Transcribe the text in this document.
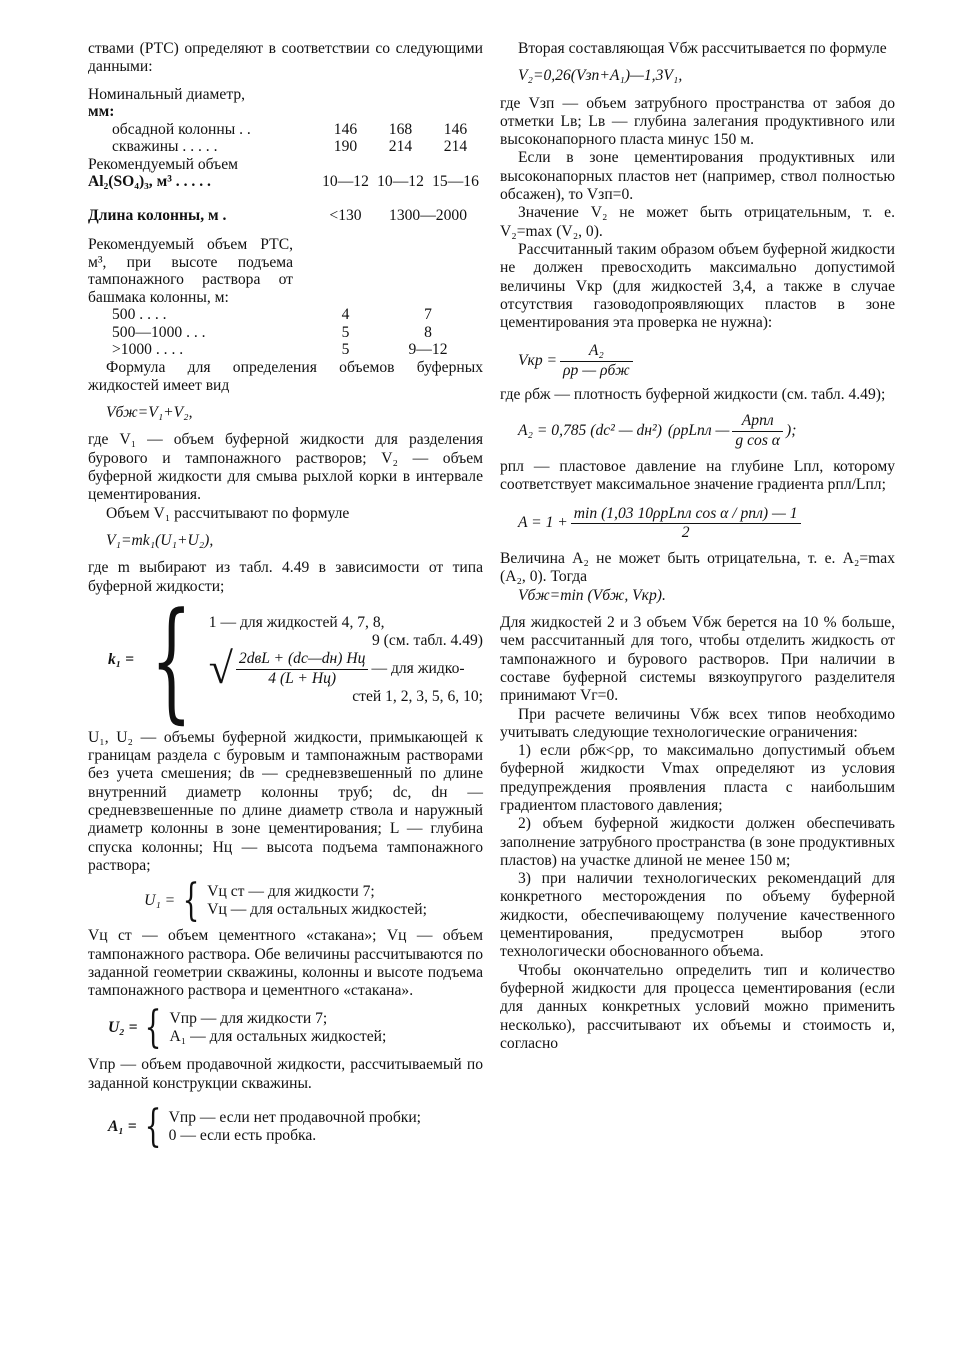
ствами (РТС) определяют в соответствии со следующими данными:

Номинальный диаметр,			
мм:			
обсадной колонны . .	146	168	146
скважины . . . . .	190	214	214
Рекомендуемый объем			
Al₂(SO₄)₃, м³ . . . . .	10—12	10—12	15—16
Длина колонны, м .	<130	1300—2000	
Рекомендуемый объем РТС, м³, при высоте подъема тампонажного раствора от башмака колонны, м:			
500 . . . .	4	7	
500—1000 . . .	5	8	
>1000 . . . .	5	9—12	

Формула для определения объемов буферных жидкостей имеет вид

Vбж=V₁+V₂,

где V₁ — объем буферной жидкости для разделения бурового и тампонажного растворов; V₂ — объем буферной жидкости для смыва рыхлой корки в интервале цементирования.

Объем V₁ рассчитывают по формуле

V₁=mk₁(U₁+U₂),

где m выбирают из табл. 4.49 в зависимости от типа буферной жидкости;

k₁ = { 1 — для жидкостей 4, 7, 8,
9 (см. табл. 4.49)
√ $\frac{\text{2dвL + (dс—dн) Hц}}{4 (L + Hц)}$ — для жидко-
стей 1, 2, 3, 5, 6, 10;

U₁, U₂ — объемы буферной жидкости, примыкающей к границам раздела с буровым и тампонажным растворами без учета смешения; dв — средневзвешенный по длине внутренний диаметр колонны труб; dс, dн — средневзвешенные по длине диаметр ствола и наружный диаметр колонны в зоне цементирования; L — глубина спуска колонны; Hц — высота подъема тампонажного раствора;

U₁ = { Vц ст — для жидкости 7;
Vц — для остальных жидкостей;

Vц ст — объем цементного «стакана»; Vц — объем тампонажного раствора. Обе величины рассчитываются по заданной геометрии скважины, колонны и высоте подъема тампонажного раствора и цементного «стакана».

U₂ = { Vпр — для жидкости 7;
A₁ — для остальных жидкостей;

Vпр — объем продавочной жидкости, рассчитываемый по заданной конструкции скважины.

A₁ = { Vпр — если нет продавочной пробки;
0 — если есть пробка.

Вторая составляющая Vбж рассчитывается по формуле

V₂=0,26(Vзп+A₁)—1,3V₁,

где Vзп — объем затрубного пространства от забоя до отметки Lв; Lв — глубина залегания продуктивного или высоконапорного пласта минус 150 м.

Если в зоне цементирования продуктивных или высоконапорных пластов нет (например, ствол полностью обсажен), то Vзп=0.

Значение V₂ не может быть отрицательным, т. е. V₂=max (V₂, 0).

Рассчитанный таким образом объем буферной жидкости не должен превосходить максимально допустимой величины Vкр (для жидкостей 3,4, а также в случае отсутствия газоводопроявляющих пластов в зоне цементирования эта проверка не нужна):

Vкр = $\frac{\text{A₂}}{\text{ρр — ρбж}}$

где ρбж — плотность буферной жидкости (см. табл. 4.49);

A₂ = 0,785 (dс² — dн²) (ρрLпл — $\frac{\text{Apпл}}{\text{g cos α}}$ );

pпл — пластовое давление на глубине Lпл, которому соответствует максимальное значение градиента pпл/Lпл;

$A = 1 + \frac{\text{min (1,03 10ρрLпл cos α / pпл) — 1}}{2}$

Величина A₂ не может быть отрицательна, т. е. A₂=max (A₂, 0). Тогда

Vбж=min (Vбж, Vкр).

Для жидкостей 2 и 3 объем Vбж берется на 10 % больше, чем рассчитанный для того, чтобы отделить жидкость от тампонажного и бурового растворов. При наличии в составе буферной системы вязкоупругого разделителя принимают Vг=0.

При расчете величины Vбж всех типов необходимо учитывать следующие технологические ограничения:

1) если ρбж<ρр, то максимально допустимый объем буферной жидкости Vmax определяют из условия предупреждения проявления пласта с наибольшим градиентом пластового давления;

2) объем буферной жидкости должен обеспечивать заполнение затрубного пространства (в зоне продуктивных пластов) на участке длиной не менее 150 м;

3) при наличии технологических рекомендаций для конкретного месторождения по объему буферной жидкости, обеспечивающему получение качественного цементирования, предусмотрен выбор этого технологически обоснованного объема.

Чтобы окончательно определить тип и количество буферной жидкости для процесса цементирования (если для данных конкретных условий можно применить несколько), рассчитывают их объемы и стоимость и, согласно
